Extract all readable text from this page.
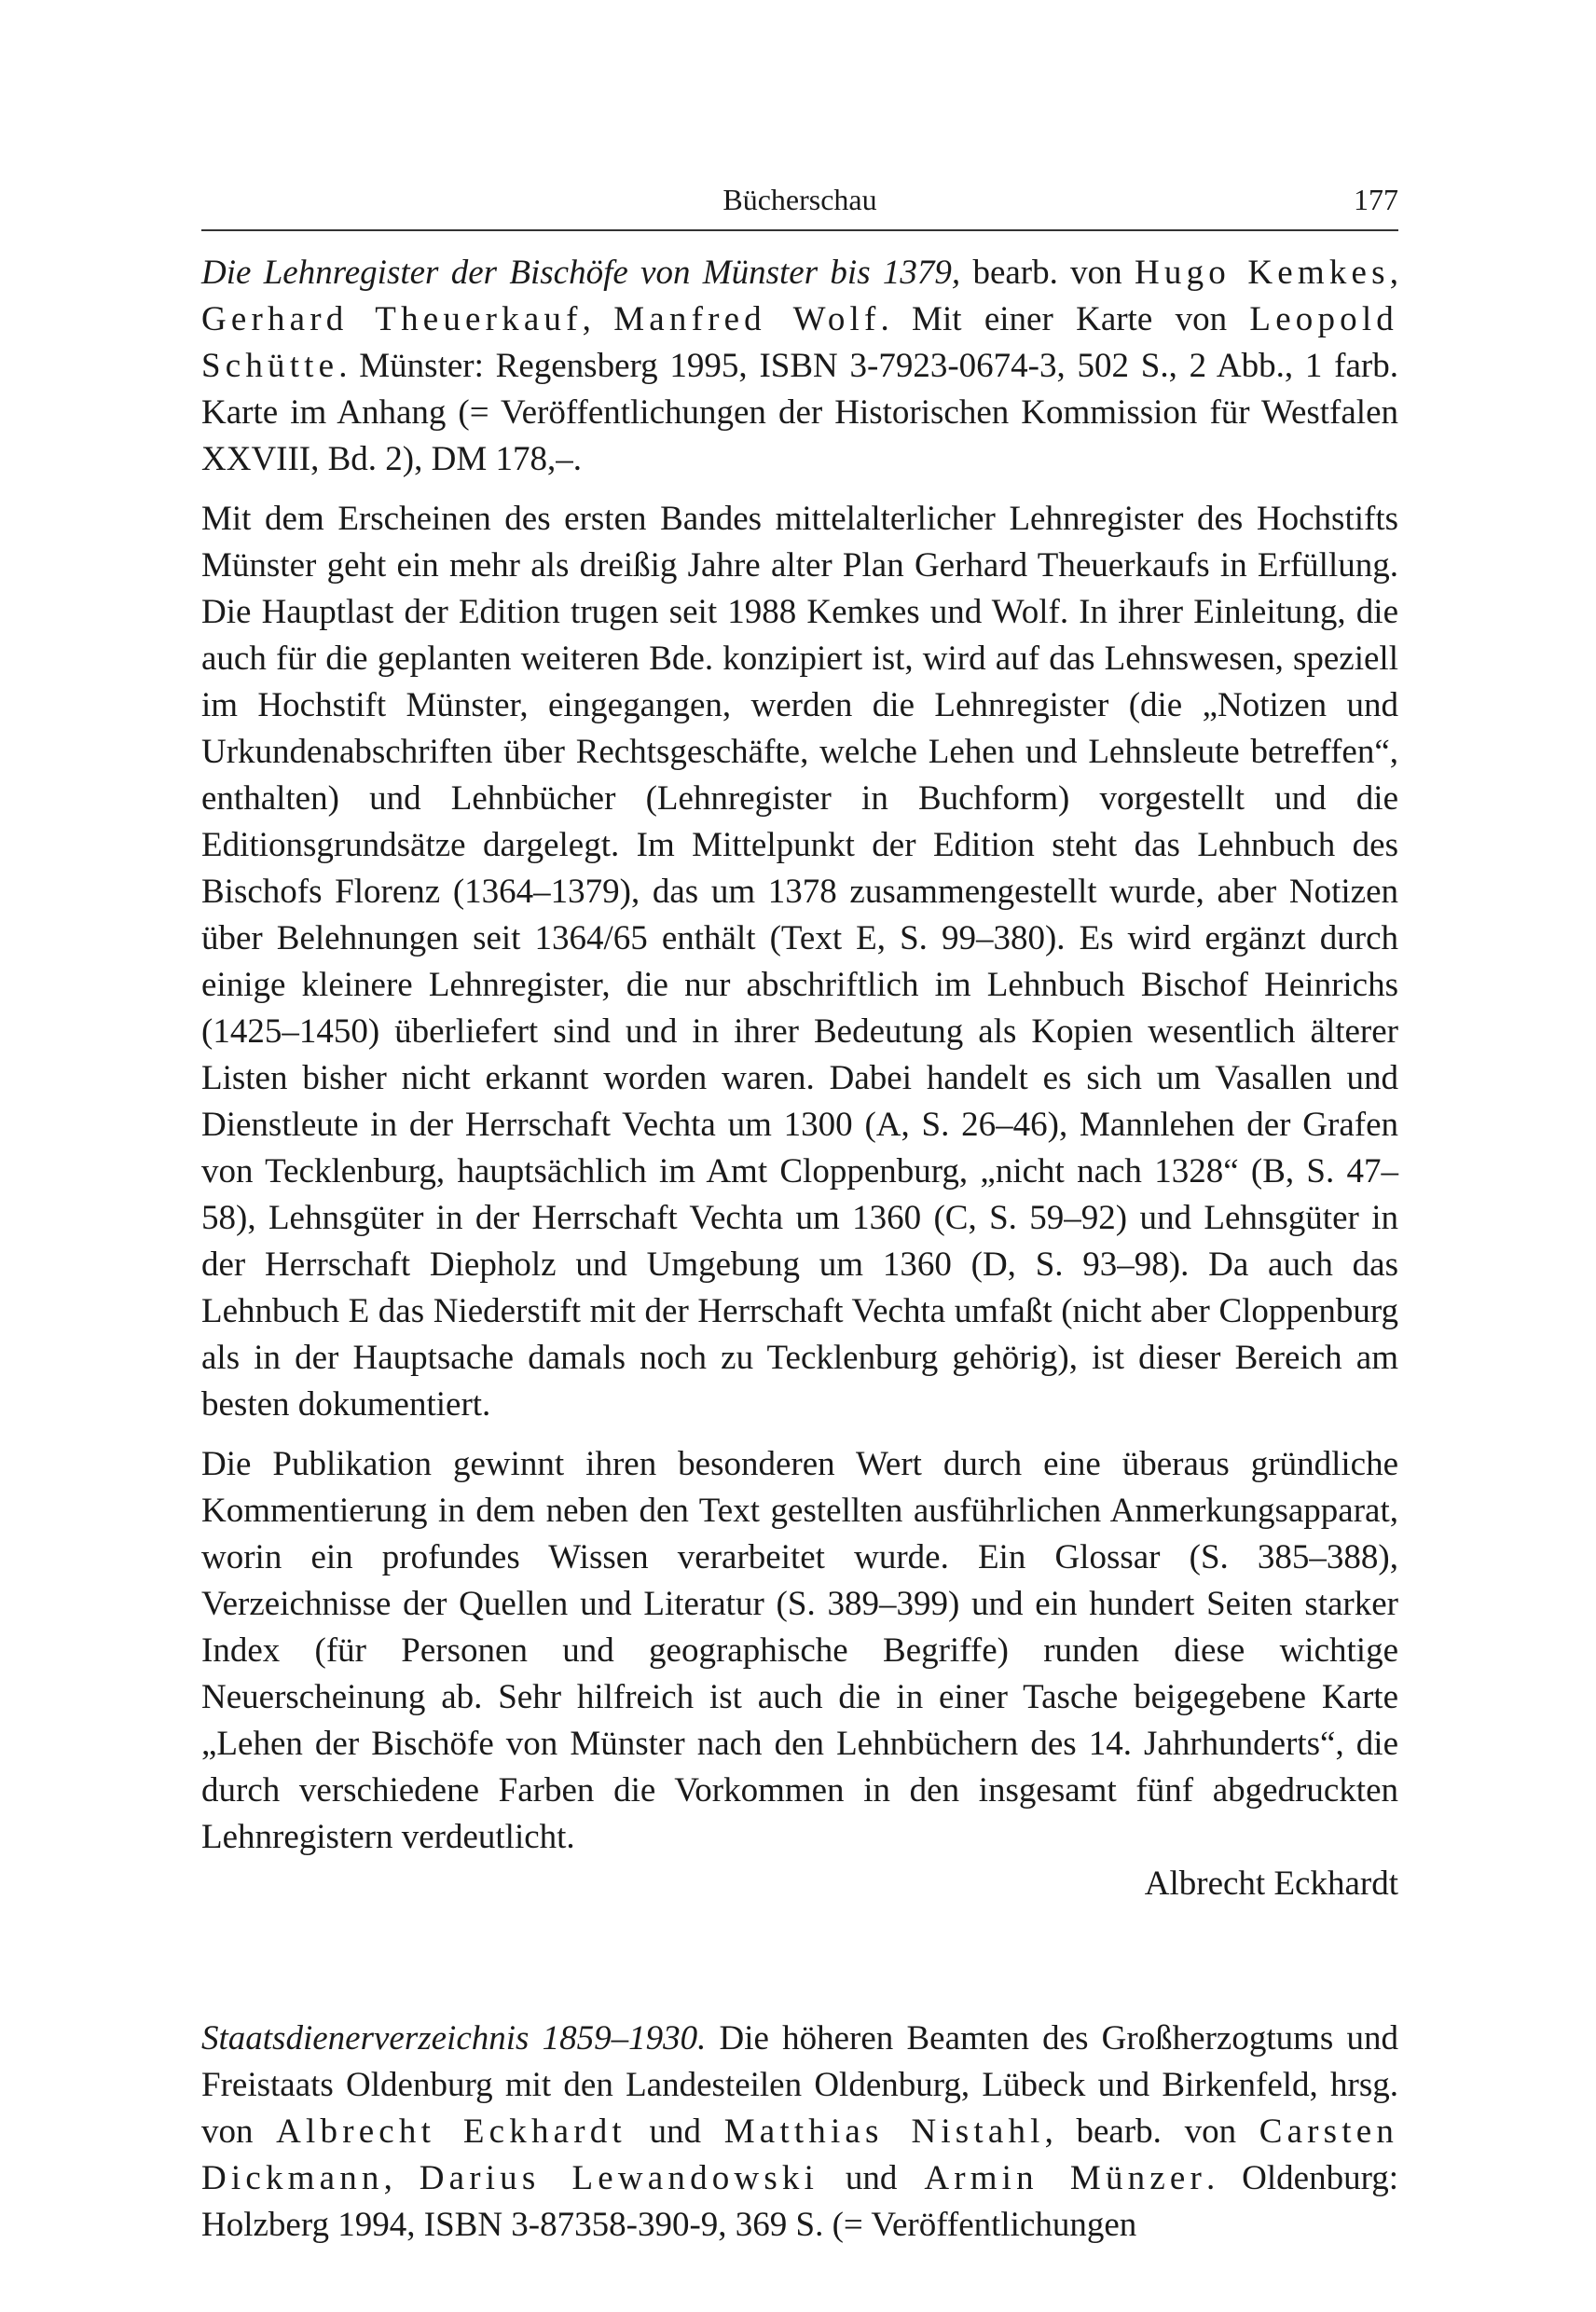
Bücherschau	177

Die Lehnregister der Bischöfe von Münster bis 1379, bearb. von Hugo Kemkes, Gerhard Theuerkauf, Manfred Wolf. Mit einer Karte von Leopold Schütte. Münster: Regensberg 1995, ISBN 3-7923-0674-3, 502 S., 2 Abb., 1 farb. Karte im Anhang (= Veröffentlichungen der Historischen Kommission für Westfalen XXVIII, Bd. 2), DM 178,–.

Mit dem Erscheinen des ersten Bandes mittelalterlicher Lehnregister des Hochstifts Münster geht ein mehr als dreißig Jahre alter Plan Gerhard Theuerkaufs in Erfüllung. Die Hauptlast der Edition trugen seit 1988 Kemkes und Wolf. In ihrer Einleitung, die auch für die geplanten weiteren Bde. konzipiert ist, wird auf das Lehnswesen, speziell im Hochstift Münster, eingegangen, werden die Lehnregister (die „Notizen und Urkundenabschriften über Rechtsgeschäfte, welche Lehen und Lehnsleute betreffen“, enthalten) und Lehnbücher (Lehnregister in Buchform) vorgestellt und die Editionsgrundsätze dargelegt. Im Mittelpunkt der Edition steht das Lehnbuch des Bischofs Florenz (1364–1379), das um 1378 zusammengestellt wurde, aber Notizen über Belehnungen seit 1364/65 enthält (Text E, S. 99–380). Es wird ergänzt durch einige kleinere Lehnregister, die nur abschriftlich im Lehnbuch Bischof Heinrichs (1425–1450) überliefert sind und in ihrer Bedeutung als Kopien wesentlich älterer Listen bisher nicht erkannt worden waren. Dabei handelt es sich um Vasallen und Dienstleute in der Herrschaft Vechta um 1300 (A, S. 26–46), Mannlehen der Grafen von Tecklenburg, hauptsächlich im Amt Cloppenburg, „nicht nach 1328“ (B, S. 47–58), Lehnsgüter in der Herrschaft Vechta um 1360 (C, S. 59–92) und Lehnsgüter in der Herrschaft Diepholz und Umgebung um 1360 (D, S. 93–98). Da auch das Lehnbuch E das Niederstift mit der Herrschaft Vechta umfaßt (nicht aber Cloppenburg als in der Hauptsache damals noch zu Tecklenburg gehörig), ist dieser Bereich am besten dokumentiert.

Die Publikation gewinnt ihren besonderen Wert durch eine überaus gründliche Kommentierung in dem neben den Text gestellten ausführlichen Anmerkungsapparat, worin ein profundes Wissen verarbeitet wurde. Ein Glossar (S. 385–388), Verzeichnisse der Quellen und Literatur (S. 389–399) und ein hundert Seiten starker Index (für Personen und geographische Begriffe) runden diese wichtige Neuerscheinung ab. Sehr hilfreich ist auch die in einer Tasche beigegebene Karte „Lehen der Bischöfe von Münster nach den Lehnbüchern des 14. Jahrhunderts“, die durch verschiedene Farben die Vorkommen in den insgesamt fünf abgedruckten Lehnregistern verdeutlicht.

Albrecht Eckhardt

Staatsdienerverzeichnis 1859–1930. Die höheren Beamten des Großherzogtums und Freistaats Oldenburg mit den Landesteilen Oldenburg, Lübeck und Birkenfeld, hrsg. von Albrecht Eckhardt und Matthias Nistahl, bearb. von Carsten Dickmann, Darius Lewandowski und Armin Münzer. Oldenburg: Holzberg 1994, ISBN 3-87358-390-9, 369 S. (= Veröffentlichungen
